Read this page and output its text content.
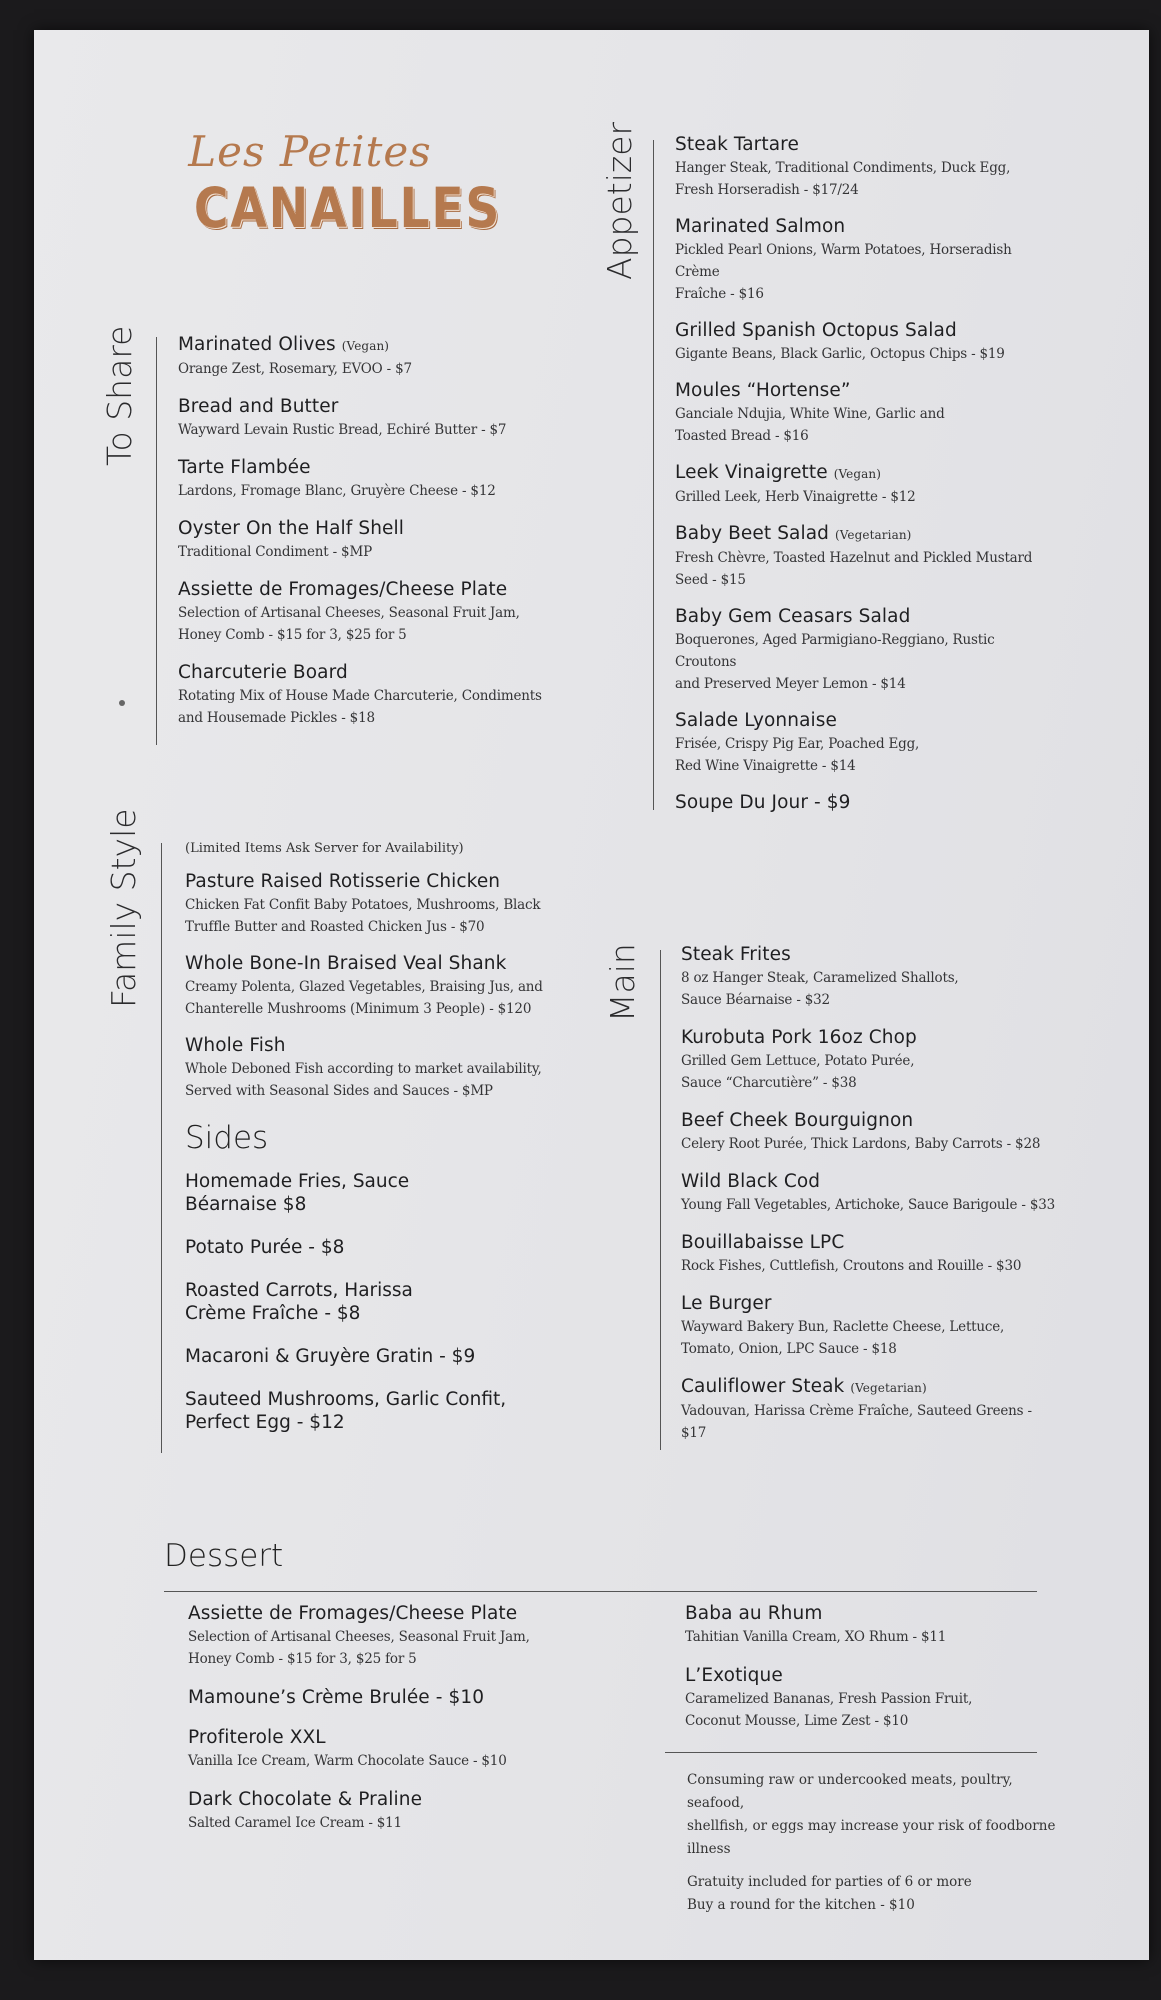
Les Petites
CANAILLES
To Share
Appetizer
Family Style	Main
Marinated Olives (Vegan)
Orange Zest, Rosemary, EVOO - $7
Bread and Butter
Wayward Levain Rustic Bread, Echiré Butter - $7
Tarte Flambée
Lardons, Fromage Blanc, Gruyère Cheese - $12
Oyster On the Half Shell
Traditional Condiment - $MP
Assiette de Fromages/Cheese Plate
Selection of Artisanal Cheeses, Seasonal Fruit Jam,
Honey Comb - $15 for 3, $25 for 5
Charcuterie Board
Rotating Mix of House Made Charcuterie, Condiments
and Housemade Pickles - $18
Steak Tartare
Hanger Steak, Traditional Condiments, Duck Egg,
Fresh Horseradish - $17/24
Marinated Salmon
Pickled Pearl Onions, Warm Potatoes, Horseradish Crème
Fraîche - $16
Grilled Spanish Octopus Salad
Gigante Beans, Black Garlic, Octopus Chips - $19
Moules “Hortense”
Ganciale Ndujia, White Wine, Garlic and
Toasted Bread - $16
Leek Vinaigrette (Vegan)
Grilled Leek, Herb Vinaigrette - $12
Baby Beet Salad (Vegetarian)
Fresh Chèvre, Toasted Hazelnut and Pickled Mustard
Seed - $15
Baby Gem Ceasars Salad
Boquerones, Aged Parmigiano-Reggiano, Rustic Croutons
and Preserved Meyer Lemon - $14
Salade Lyonnaise
Frisée, Crispy Pig Ear, Poached Egg,
Red Wine Vinaigrette - $14
Soupe Du Jour - $9
(Limited Items Ask Server for Availability)
Pasture Raised Rotisserie Chicken
Chicken Fat Confit Baby Potatoes, Mushrooms, Black
Truffle Butter and Roasted Chicken Jus - $70
Whole Bone-In Braised Veal Shank
Creamy Polenta, Glazed Vegetables, Braising Jus, and
Chanterelle Mushrooms (Minimum 3 People) - $120
Whole Fish
Whole Deboned Fish according to market availability,
Served with Seasonal Sides and Sauces - $MP
Sides
Homemade Fries, Sauce
Béarnaise $8
Potato Purée - $8
Roasted Carrots, Harissa
Crème Fraîche - $8
Macaroni & Gruyère Gratin - $9
Sauteed Mushrooms, Garlic Confit,
Perfect Egg - $12
Steak Frites
8 oz Hanger Steak, Caramelized Shallots,
Sauce Béarnaise - $32
Kurobuta Pork 16oz Chop
Grilled Gem Lettuce, Potato Purée,
Sauce “Charcutière” - $38
Beef Cheek Bourguignon
Celery Root Purée, Thick Lardons, Baby Carrots - $28
Wild Black Cod
Young Fall Vegetables, Artichoke, Sauce Barigoule - $33
Bouillabaisse LPC
Rock Fishes, Cuttlefish, Croutons and Rouille - $30
Le Burger
Wayward Bakery Bun, Raclette Cheese, Lettuce,
Tomato, Onion, LPC Sauce - $18
Cauliflower Steak (Vegetarian)
Vadouvan, Harissa Crème Fraîche, Sauteed Greens - $17
Dessert
Assiette de Fromages/Cheese Plate
Selection of Artisanal Cheeses, Seasonal Fruit Jam,
Honey Comb - $15 for 3, $25 for 5
Mamoune’s Crème Brulée - $10
Profiterole XXL
Vanilla Ice Cream, Warm Chocolate Sauce - $10
Dark Chocolate & Praline
Salted Caramel Ice Cream - $11
Baba au Rhum
Tahitian Vanilla Cream, XO Rhum - $11
L’Exotique
Caramelized Bananas, Fresh Passion Fruit,
Coconut Mousse, Lime Zest - $10
Consuming raw or undercooked meats, poultry, seafood,
shellfish, or eggs may increase your risk of foodborne illness
Gratuity included for parties of 6 or more
Buy a round for the kitchen - $10
